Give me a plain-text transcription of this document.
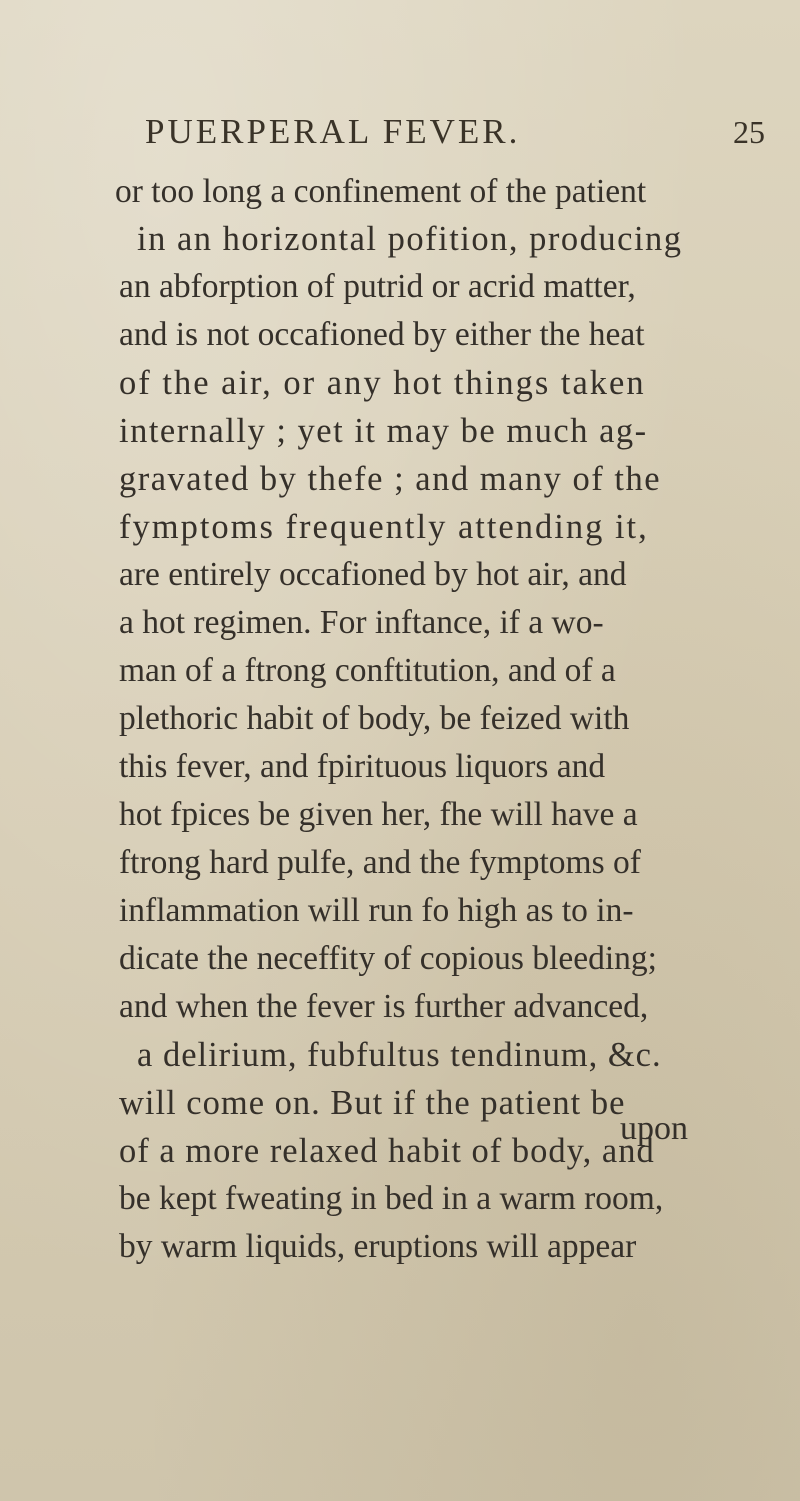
PUERPERAL FEVER.	25
or too long a confinement of the patient
in an horizontal pofition, producing
an abforption of putrid or acrid matter,
and is not occafioned by either the heat
of the air, or any hot things taken
internally ; yet it may be much ag-
gravated by thefe ; and many of the
fymptoms frequently attending it,
are entirely occafioned by hot air, and
a hot regimen. For inftance, if a wo-
man of a ftrong conftitution, and of a
plethoric habit of body, be feized with
this fever, and fpirituous liquors and
hot fpices be given her, fhe will have a
ftrong hard pulfe, and the fymptoms of
inflammation will run fo high as to in-
dicate the neceffity of copious bleeding;
and when the fever is further advanced,
a delirium, fubfultus tendinum, &c.
will come on. But if the patient be
of a more relaxed habit of body, and
be kept fweating in bed in a warm room,
by warm liquids, eruptions will appear
upon
